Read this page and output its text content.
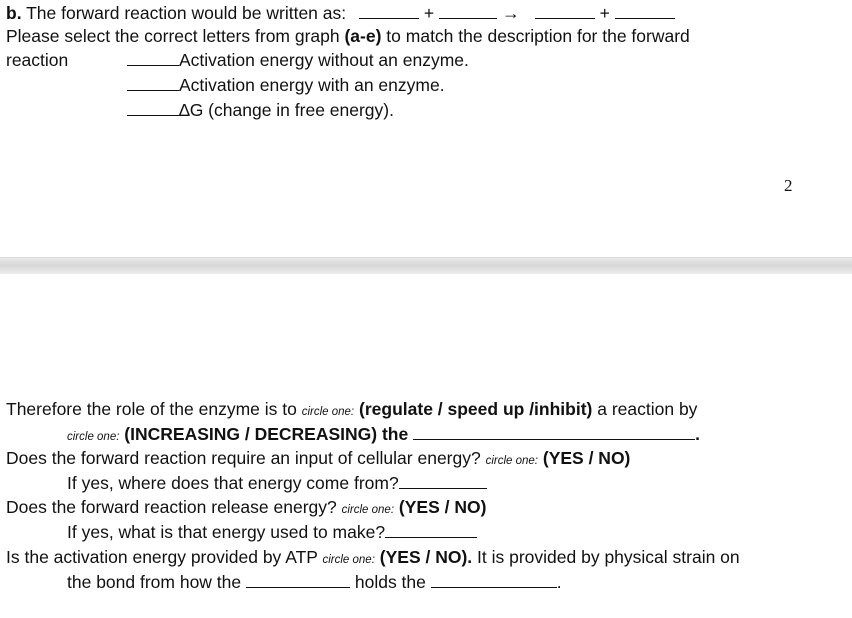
b. The forward reaction would be written as:	+	→	+
Please select the correct letters from graph (a-e) to match the description for the forward
reaction	Activation energy without an enzyme.
Activation energy with an enzyme.
∆G (change in free energy).
2
Therefore the role of the enzyme is to circle one: (regulate / speed up /inhibit) a reaction by
circle one: (INCREASING / DECREASING) the	.
Does the forward reaction require an input of cellular energy? circle one: (YES / NO)
If yes, where does that energy come from?
Does the forward reaction release energy? circle one: (YES / NO)
If yes, what is that energy used to make?
Is the activation energy provided by ATP circle one: (YES / NO). It is provided by physical strain on
the bond from how the	holds the	.
